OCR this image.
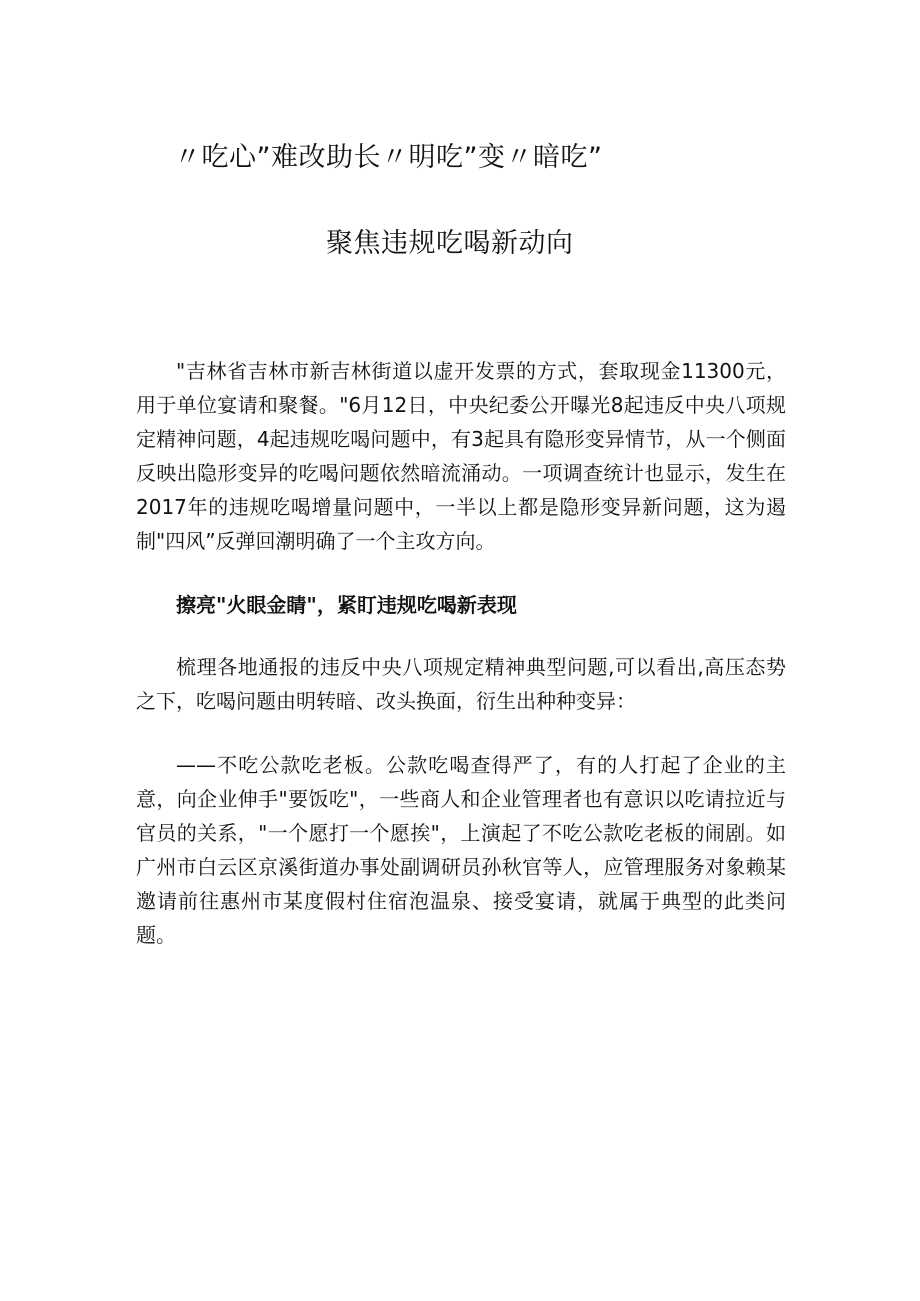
〃吃心”难改助长〃明吃”变〃暗吃”
聚焦违规吃喝新动向

"吉林省吉林市新吉林街道以虚开发票的方式，套取现金11300元，用于单位宴请和聚餐。"6月12日，中央纪委公开曝光8起违反中央八项规定精神问题，4起违规吃喝问题中，有3起具有隐形变异情节，从一个侧面反映出隐形变异的吃喝问题依然暗流涌动。一项调查统计也显示，发生在2017年的违规吃喝增量问题中，一半以上都是隐形变异新问题，这为遏制"四风”反弹回潮明确了一个主攻方向。

擦亮"火眼金睛"，紧盯违规吃喝新表现

梳理各地通报的违反中央八项规定精神典型问题,可以看出,高压态势之下，吃喝问题由明转暗、改头换面，衍生出种种变异：

——不吃公款吃老板。公款吃喝查得严了，有的人打起了企业的主意，向企业伸手"要饭吃"，一些商人和企业管理者也有意识以吃请拉近与官员的关系，"一个愿打一个愿挨"，上演起了不吃公款吃老板的闹剧。如广州市白云区京溪街道办事处副调研员孙秋官等人，应管理服务对象赖某邀请前往惠州市某度假村住宿泡温泉、接受宴请，就属于典型的此类问题。
